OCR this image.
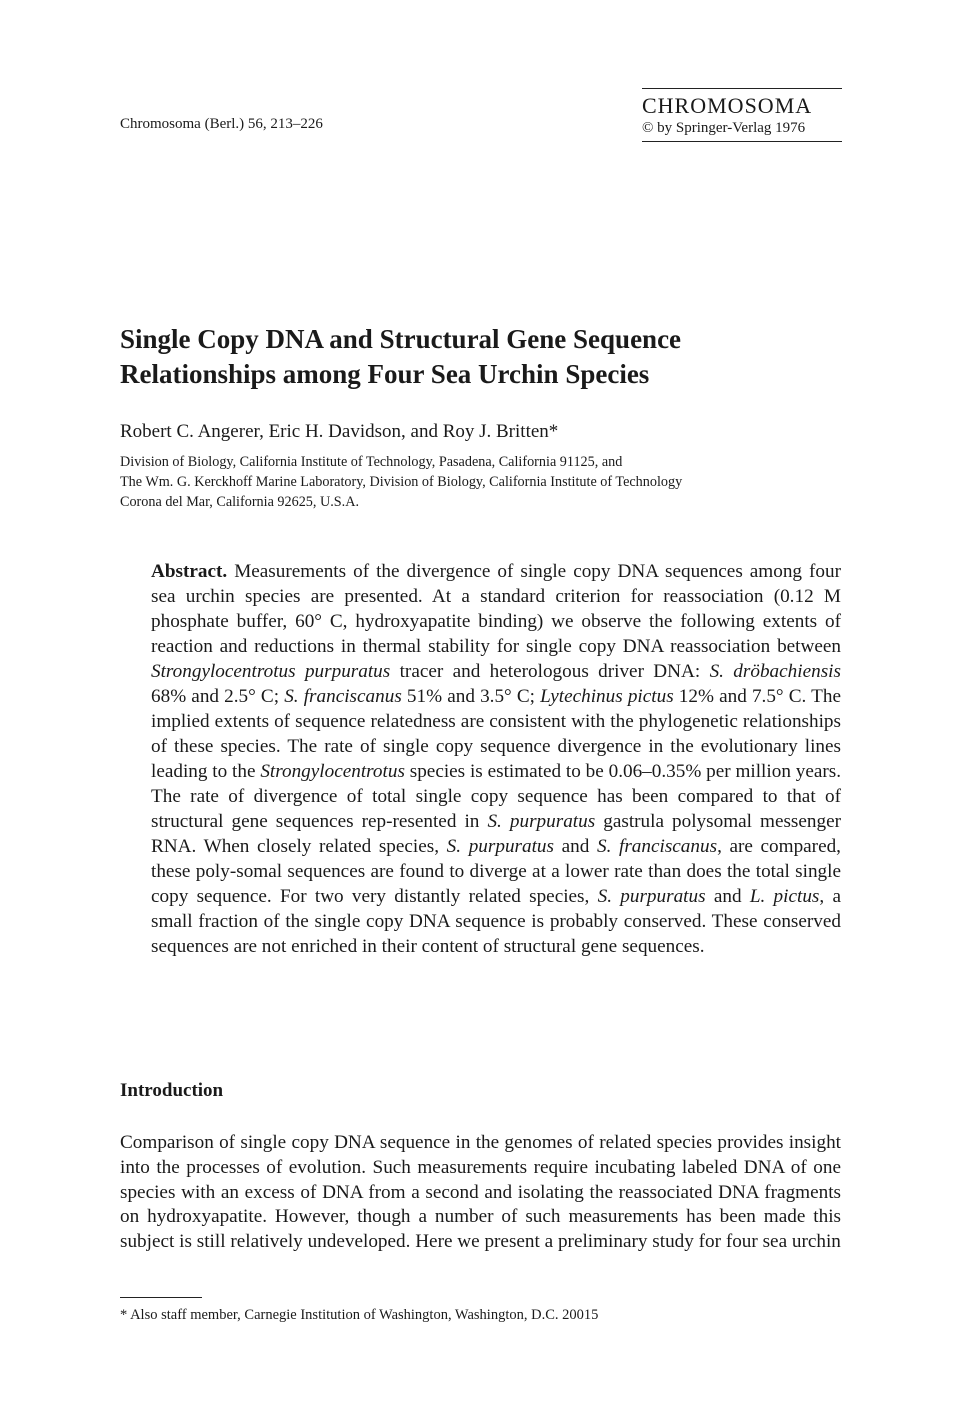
Chromosoma (Berl.) 56, 213–226
CHROMOSOMA
© by Springer-Verlag 1976
Single Copy DNA and Structural Gene Sequence
Relationships among Four Sea Urchin Species
Robert C. Angerer, Eric H. Davidson, and Roy J. Britten*
Division of Biology, California Institute of Technology, Pasadena, California 91125, and
The Wm. G. Kerckhoff Marine Laboratory, Division of Biology, California Institute of Technology
Corona del Mar, California 92625, U.S.A.
Abstract. Measurements of the divergence of single copy DNA sequences among four sea urchin species are presented. At a standard criterion for reassociation (0.12 M phosphate buffer, 60° C, hydroxyapatite binding) we observe the following extents of reaction and reductions in thermal stability for single copy DNA reassociation between Strongylocentrotus purpuratus tracer and heterologous driver DNA: S. dröbachiensis 68% and 2.5° C; S. franciscanus 51% and 3.5° C; Lytechinus pictus 12% and 7.5° C. The implied extents of sequence relatedness are consistent with the phylogenetic relationships of these species. The rate of single copy sequence divergence in the evolutionary lines leading to the Strongylocentrotus species is estimated to be 0.06–0.35% per million years. The rate of divergence of total single copy sequence has been compared to that of structural gene sequences rep-resented in S. purpuratus gastrula polysomal messenger RNA. When closely related species, S. purpuratus and S. franciscanus, are compared, these poly-somal sequences are found to diverge at a lower rate than does the total single copy sequence. For two very distantly related species, S. purpuratus and L. pictus, a small fraction of the single copy DNA sequence is probably conserved. These conserved sequences are not enriched in their content of structural gene sequences.
Introduction
Comparison of single copy DNA sequence in the genomes of related species provides insight into the processes of evolution. Such measurements require incubating labeled DNA of one species with an excess of DNA from a second and isolating the reassociated DNA fragments on hydroxyapatite. However, though a number of such measurements has been made this subject is still relatively undeveloped. Here we present a preliminary study for four sea urchin
* Also staff member, Carnegie Institution of Washington, Washington, D.C. 20015
